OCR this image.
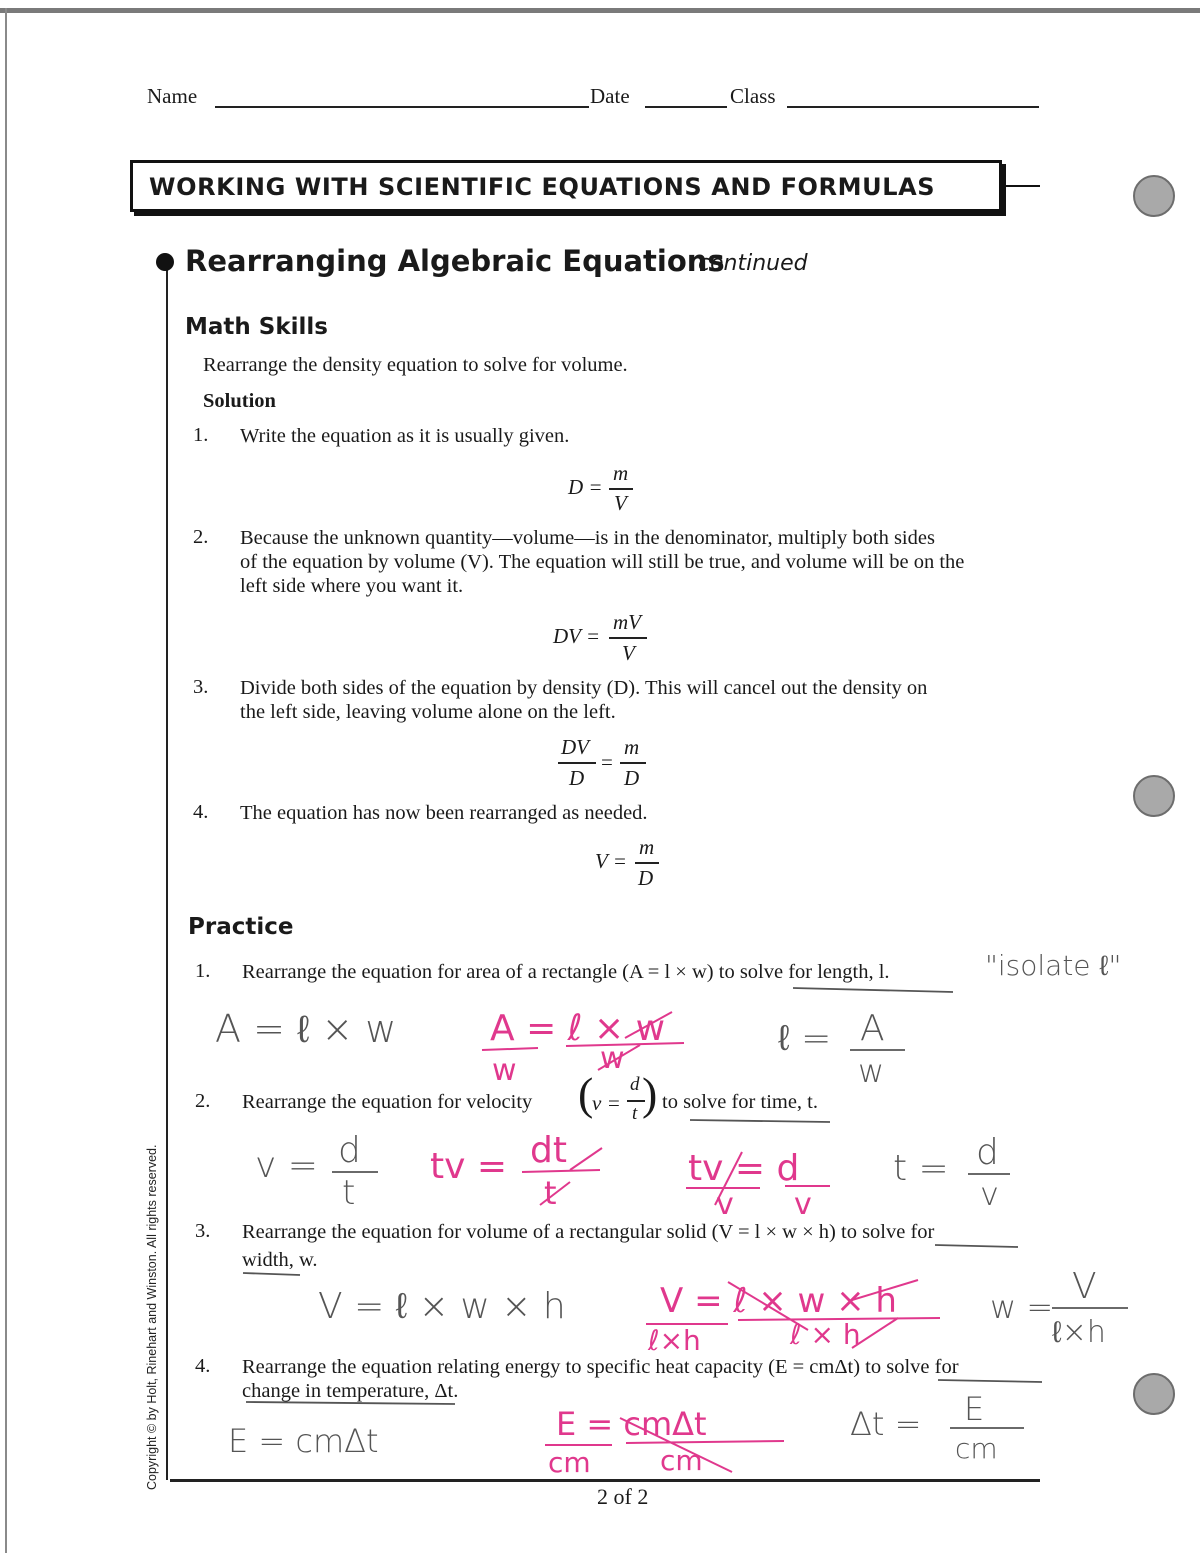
Name	Date	Class
WORKING WITH SCIENTIFIC EQUATIONS AND FORMULAS
Rearranging Algebraic Equations
continued
Math Skills
Rearrange the density equation to solve for volume.
Solution
1. Write the equation as it is usually given.
D =
m
V
2. Because the unknown quantity—volume—is in the denominator, multiply both sides
of the equation by volume (V). The equation will still be true, and volume will be on the
left side where you want it.
DV =
mV
V
3. Divide both sides of the equation by density (D). This will cancel out the density on
the left side, leaving volume alone on the left.
DV
D
=
m
D
4. The equation has now been rearranged as needed.
V =
m
D
Practice
1. Rearrange the equation for area of a rectangle (A = l × w) to solve for length, l.
2. Rearrange the equation for velocity (
v =
d
t ) to solve for time, t.
3. Rearrange the equation for volume of a rectangular solid (V = l × w × h) to solve for
width, w.
4. Rearrange the equation relating energy to specific heat capacity (E = cmΔt) to solve for
change in temperature, Δt.
Copyright © by Holt, Rinehart and Winston. All rights reserved.
2 of 2
"isolate ℓ"
A = ℓ × w	A = ℓ × w
w	w	ℓ = A
w
v = d
t
tv = dt
t
tv = d
v v
t = d
v
V = ℓ × w × h	V = ℓ × w × h
ℓ×h	ℓ × h
w = V
ℓ×h
E = cmΔt	E = cmΔt
cm cm
Δt = E
cm
